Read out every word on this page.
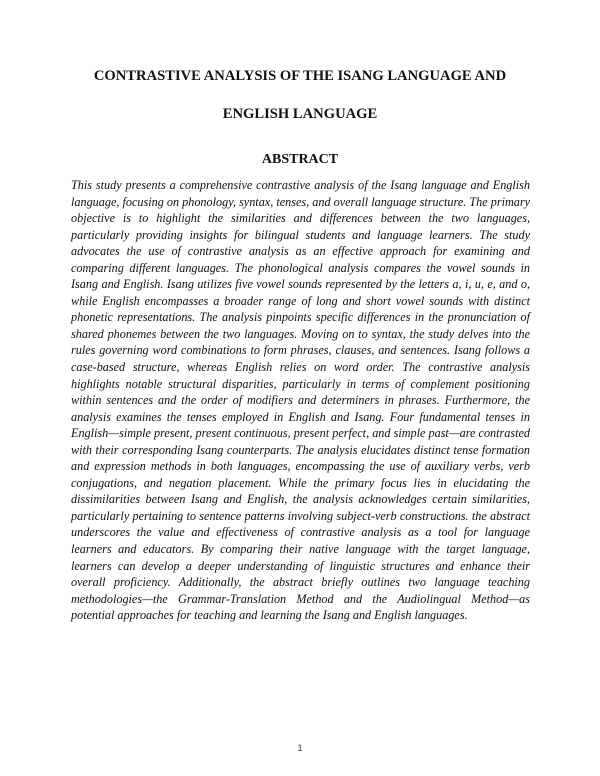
CONTRASTIVE ANALYSIS OF THE ISANG LANGUAGE AND
ENGLISH LANGUAGE
ABSTRACT

This study presents a comprehensive contrastive analysis of the Isang language and English language, focusing on phonology, syntax, tenses, and overall language structure. The primary objective is to highlight the similarities and differences between the two languages, particularly providing insights for bilingual students and language learners. The study advocates the use of contrastive analysis as an effective approach for examining and comparing different languages. The phonological analysis compares the vowel sounds in Isang and English. Isang utilizes five vowel sounds represented by the letters a, i, u, e, and o, while English encompasses a broader range of long and short vowel sounds with distinct phonetic representations. The analysis pinpoints specific differences in the pronunciation of shared phonemes between the two languages. Moving on to syntax, the study delves into the rules governing word combinations to form phrases, clauses, and sentences. Isang follows a case-based structure, whereas English relies on word order. The contrastive analysis highlights notable structural disparities, particularly in terms of complement positioning within sentences and the order of modifiers and determiners in phrases. Furthermore, the analysis examines the tenses employed in English and Isang. Four fundamental tenses in English—simple present, present continuous, present perfect, and simple past—are contrasted with their corresponding Isang counterparts. The analysis elucidates distinct tense formation and expression methods in both languages, encompassing the use of auxiliary verbs, verb conjugations, and negation placement. While the primary focus lies in elucidating the dissimilarities between Isang and English, the analysis acknowledges certain similarities, particularly pertaining to sentence patterns involving subject-verb constructions. the abstract underscores the value and effectiveness of contrastive analysis as a tool for language learners and educators. By comparing their native language with the target language, learners can develop a deeper understanding of linguistic structures and enhance their overall proficiency. Additionally, the abstract briefly outlines two language teaching methodologies—the Grammar-Translation Method and the Audiolingual Method—as potential approaches for teaching and learning the Isang and English languages.

1
